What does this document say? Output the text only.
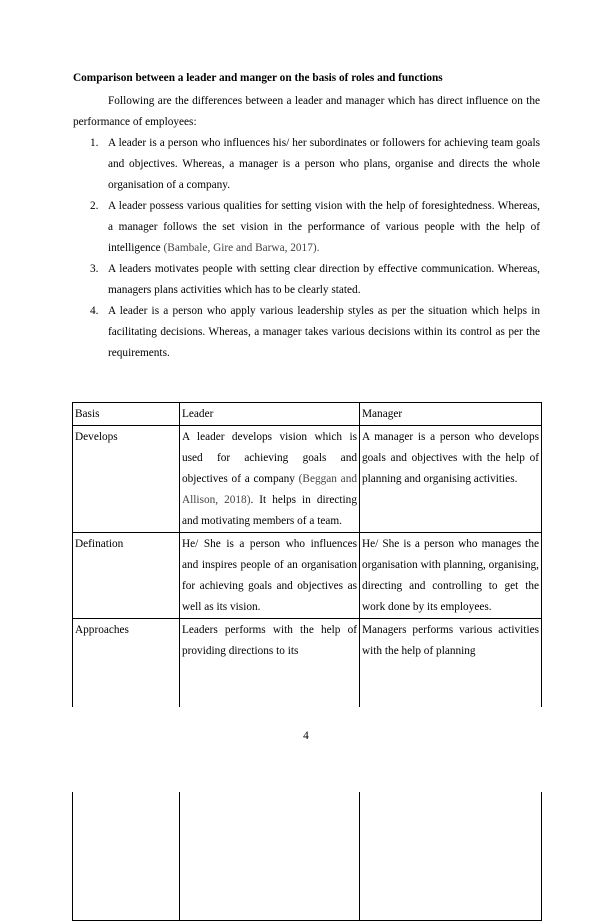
Comparison between a leader and manger on the basis of roles and functions
Following are the differences between a leader and manager which has direct influence on the performance of employees:
1. A leader is a person who influences his/ her subordinates or followers for achieving team goals and objectives. Whereas, a manager is a person who plans, organise and directs the whole organisation of a company.
2. A leader possess various qualities for setting vision with the help of foresightedness. Whereas, a manager follows the set vision in the performance of various people with the help of intelligence (Bambale, Gire and Barwa, 2017).
3. A leaders motivates people with setting clear direction by effective communication. Whereas, managers plans activities which has to be clearly stated.
4. A leader is a person who apply various leadership styles as per the situation which helps in facilitating decisions. Whereas, a manager takes various decisions within its control as per the requirements.
Basis	Leader	Manager
Develops	A leader develops vision which is used for achieving goals and objectives of a company (Beggan and Allison, 2018). It helps in directing and motivating members of a team.	A manager is a person who develops goals and objectives with the help of planning and organising activities.
Defination	He/ She is a person who influences and inspires people of an organisation for achieving goals and objectives as well as its vision.	He/ She is a person who manages the organisation with planning, organising, directing and controlling to get the work done by its employees.
Approaches	Leaders performs with the help of providing directions to its	Managers performs various activities with the help of planning
4
